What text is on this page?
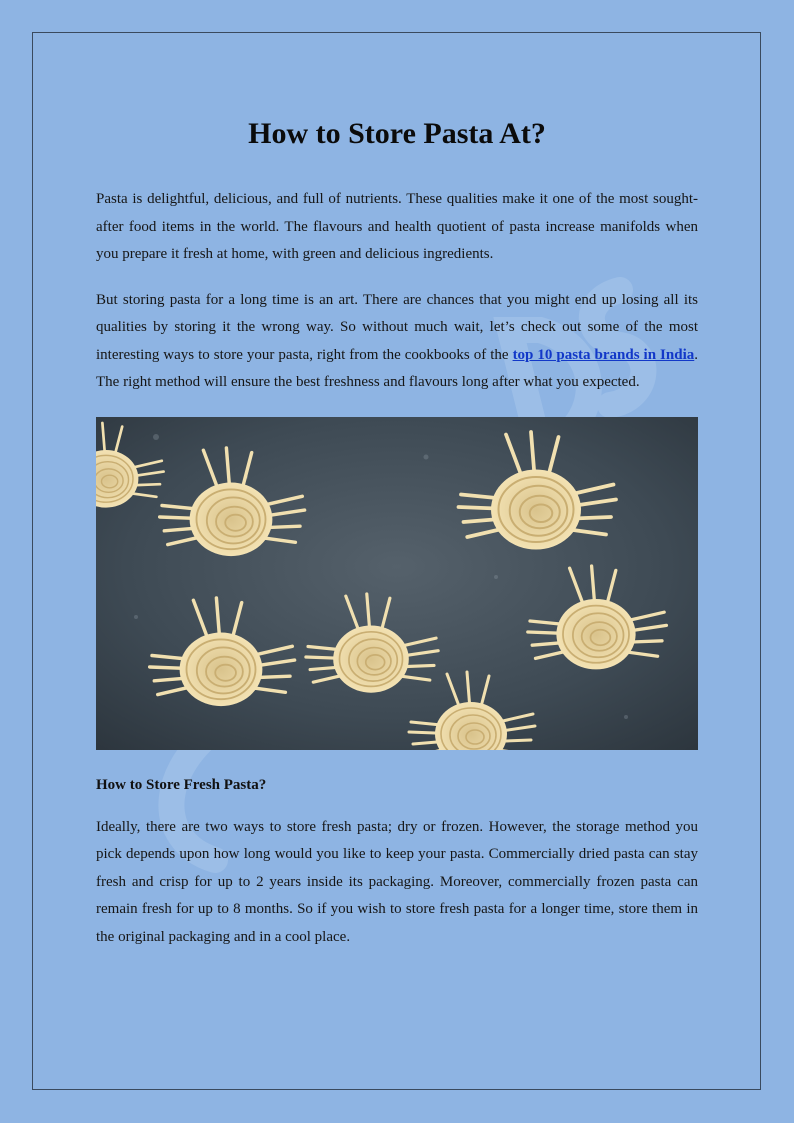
How to Store Pasta At?

Pasta is delightful, delicious, and full of nutrients. These qualities make it one of the most sought-after food items in the world. The flavours and health quotient of pasta increase manifolds when you prepare it fresh at home, with green and delicious ingredients.

But storing pasta for a long time is an art. There are chances that you might end up losing all its qualities by storing it the wrong way. So without much wait, let’s check out some of the most interesting ways to store your pasta, right from the cookbooks of the top 10 pasta brands in India. The right method will ensure the best freshness and flavours long after what you expected.

How to Store Fresh Pasta?

Ideally, there are two ways to store fresh pasta; dry or frozen. However, the storage method you pick depends upon how long would you like to keep your pasta. Commercially dried pasta can stay fresh and crisp for up to 2 years inside its packaging. Moreover, commercially frozen pasta can remain fresh for up to 8 months. So if you wish to store fresh pasta for a longer time, store them in the original packaging and in a cool place.
